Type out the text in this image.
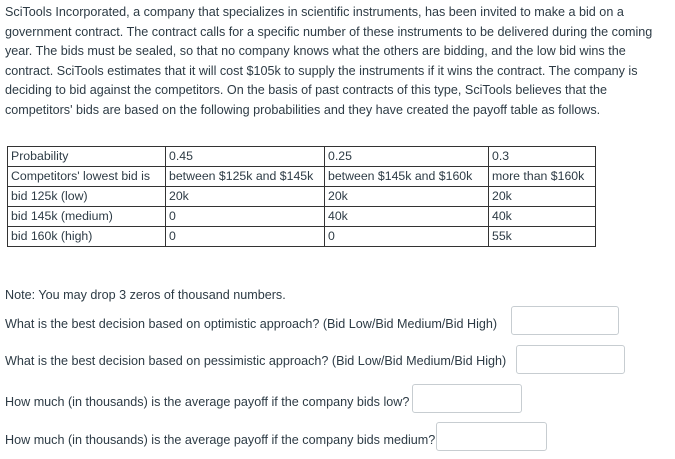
SciTools Incorporated, a company that specializes in scientific instruments, has been invited to make a bid on a government contract. The contract calls for a specific number of these instruments to be delivered during the coming year. The bids must be sealed, so that no company knows what the others are bidding, and the low bid wins the contract. SciTools estimates that it will cost $105k to supply the instruments if it wins the contract. The company is deciding to bid against the competitors. On the basis of past contracts of this type, SciTools believes that the competitors' bids are based on the following probabilities and they have created the payoff table as follows.
Probability	0.45	0.25	0.3
Competitors' lowest bid is	between $125k and $145k	between $145k and $160k	more than $160k
bid 125k (low)	20k	20k	20k
bid 145k (medium)	0	40k	40k
bid 160k (high)	0	0	55k
Note: You may drop 3 zeros of thousand numbers.
What is the best decision based on optimistic approach? (Bid Low/Bid Medium/Bid High)
What is the best decision based on pessimistic approach? (Bid Low/Bid Medium/Bid High)
How much (in thousands) is the average payoff if the company bids low?
How much (in thousands) is the average payoff if the company bids medium?
